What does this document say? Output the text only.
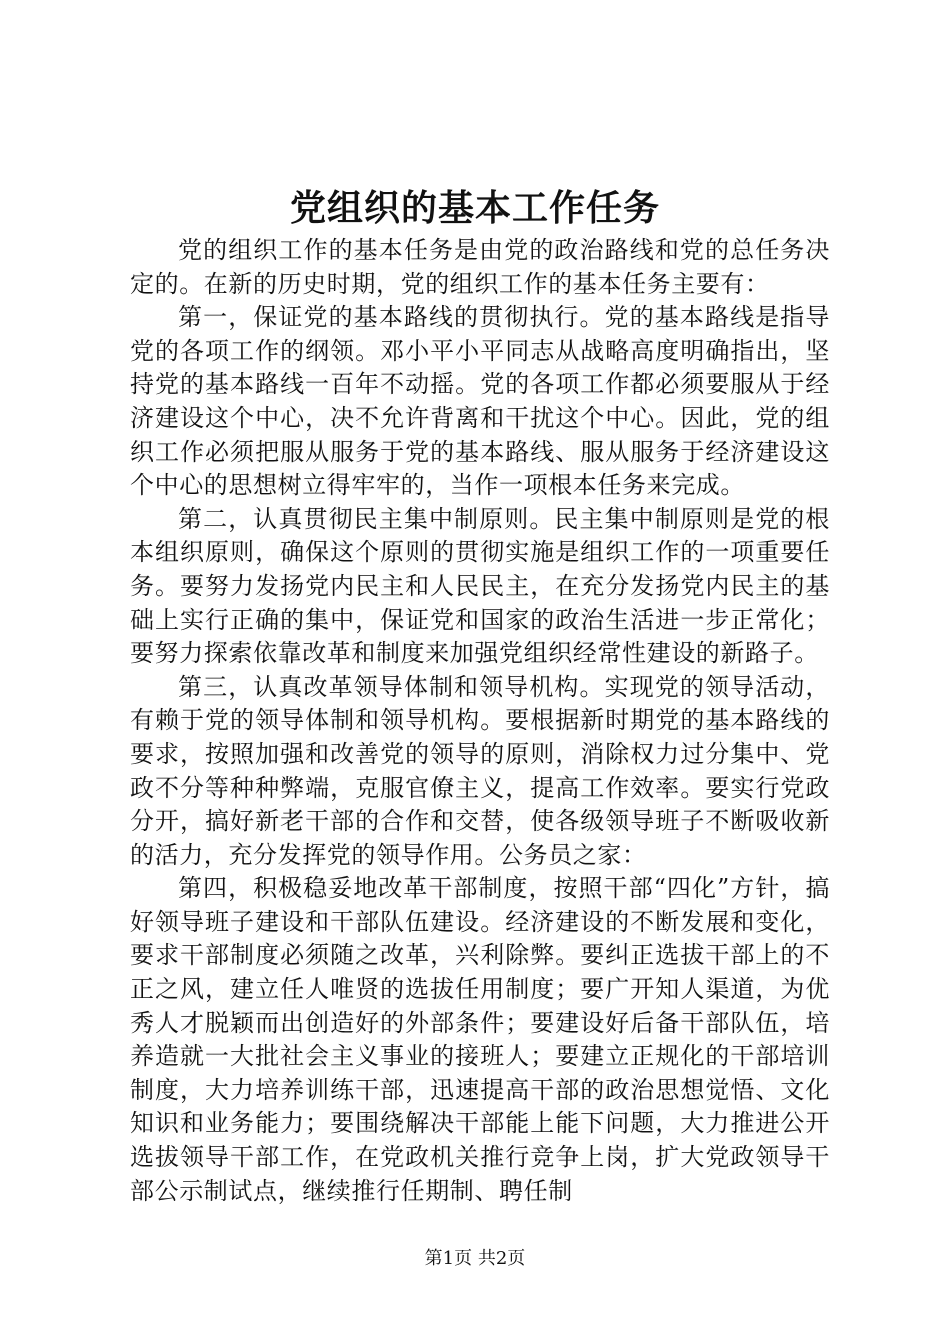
党组织的基本工作任务

党的组织工作的基本任务是由党的政治路线和党的总任务决定的。在新的历史时期，党的组织工作的基本任务主要有：

第一，保证党的基本路线的贯彻执行。党的基本路线是指导党的各项工作的纲领。邓小平小平同志从战略高度明确指出，坚持党的基本路线一百年不动摇。党的各项工作都必须要服从于经济建设这个中心，决不允许背离和干扰这个中心。因此，党的组织工作必须把服从服务于党的基本路线、服从服务于经济建设这个中心的思想树立得牢牢的，当作一项根本任务来完成。

第二，认真贯彻民主集中制原则。民主集中制原则是党的根本组织原则，确保这个原则的贯彻实施是组织工作的一项重要任务。要努力发扬党内民主和人民民主，在充分发扬党内民主的基础上实行正确的集中，保证党和国家的政治生活进一步正常化；要努力探索依靠改革和制度来加强党组织经常性建设的新路子。

第三，认真改革领导体制和领导机构。实现党的领导活动，有赖于党的领导体制和领导机构。要根据新时期党的基本路线的要求，按照加强和改善党的领导的原则，消除权力过分集中、党政不分等种种弊端，克服官僚主义，提高工作效率。要实行党政分开，搞好新老干部的合作和交替，使各级领导班子不断吸收新的活力，充分发挥党的领导作用。公务员之家：

第四，积极稳妥地改革干部制度，按照干部“四化”方针，搞好领导班子建设和干部队伍建设。经济建设的不断发展和变化，要求干部制度必须随之改革，兴利除弊。要纠正选拔干部上的不正之风，建立任人唯贤的选拔任用制度；要广开知人渠道，为优秀人才脱颖而出创造好的外部条件；要建设好后备干部队伍，培养造就一大批社会主义事业的接班人；要建立正规化的干部培训制度，大力培养训练干部，迅速提高干部的政治思想觉悟、文化知识和业务能力；要围绕解决干部能上能下问题，大力推进公开选拔领导干部工作，在党政机关推行竞争上岗，扩大党政领导干部公示制试点，继续推行任期制、聘任制

第1页 共2页
